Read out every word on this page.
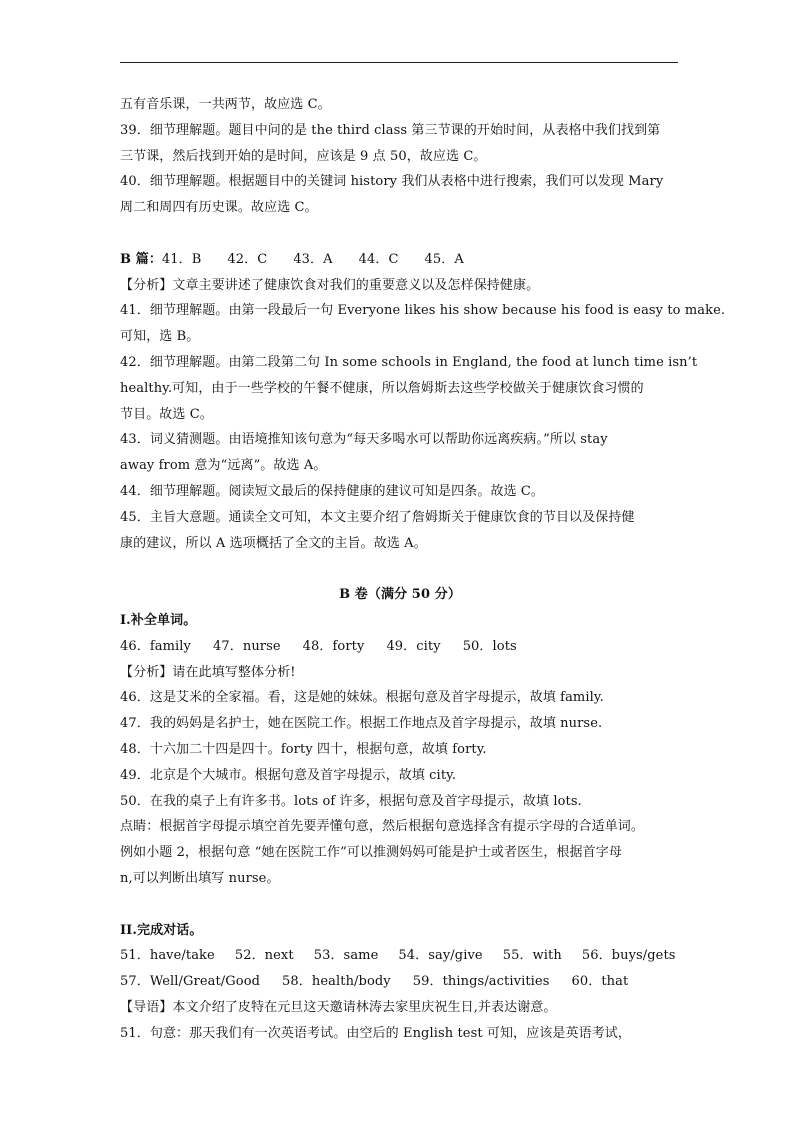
五有音乐课，一共两节，故应选 C。
39．细节理解题。题目中问的是 the third class 第三节课的开始时间，从表格中我们找到第
三节课，然后找到开始的是时间，应该是 9 点 50，故应选 C。
40．细节理解题。根据题目中的关键词 history 我们从表格中进行搜索，我们可以发现 Mary
周二和周四有历史课。故应选 C。
B 篇：41．B 42．C 43．A 44．C 45．A
【分析】文章主要讲述了健康饮食对我们的重要意义以及怎样保持健康。
41．细节理解题。由第一段最后一句 Everyone likes his show because his food is easy to make.
可知，选 B。
42．细节理解题。由第二段第二句 In some schools in England, the food at lunch time isn’t
healthy.可知，由于一些学校的午餐不健康，所以詹姆斯去这些学校做关于健康饮食习惯的
节目。故选 C。
43．词义猜测题。由语境推知该句意为“每天多喝水可以帮助你远离疾病。”所以 stay
away from 意为“远离”。故选 A。
44．细节理解题。阅读短文最后的保持健康的建议可知是四条。故选 C。
45．主旨大意题。通读全文可知，本文主要介绍了詹姆斯关于健康饮食的节目以及保持健
康的建议，所以 A 选项概括了全文的主旨。故选 A。
B 卷（满分 50 分）
I.补全单词。
46．family 47．nurse 48．forty 49．city 50．lots
【分析】请在此填写整体分析!
46．这是艾米的全家福。看，这是她的妹妹。根据句意及首字母提示，故填 family.
47．我的妈妈是名护士，她在医院工作。根据工作地点及首字母提示，故填 nurse.
48．十六加二十四是四十。forty 四十，根据句意，故填 forty.
49．北京是个大城市。根据句意及首字母提示，故填 city.
50．在我的桌子上有许多书。lots of 许多，根据句意及首字母提示，故填 lots.
点睛：根据首字母提示填空首先要弄懂句意，然后根据句意选择含有提示字母的合适单词。
例如小题 2，根据句意 “她在医院工作”可以推测妈妈可能是护士或者医生，根据首字母
n,可以判断出填写 nurse。
II.完成对话。
51．have/take 52．next 53．same 54．say/give 55．with 56．buys/gets
57．Well/Great/Good 58．health/body 59．things/activities 60．that
【导语】本文介绍了皮特在元旦这天邀请林涛去家里庆祝生日,并表达谢意。
51．句意：那天我们有一次英语考试。由空后的 English test 可知，应该是英语考试，
